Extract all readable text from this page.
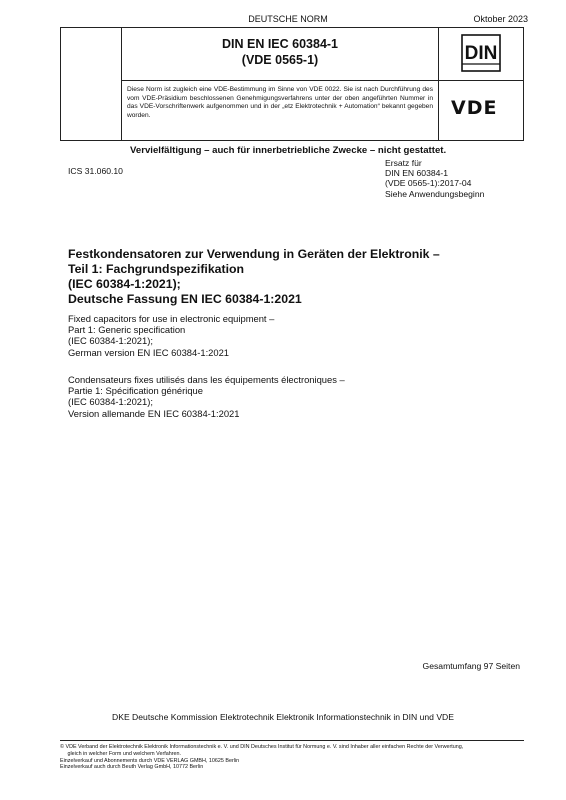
DEUTSCHE NORM	Oktober 2023
DIN EN IEC 60384-1
(VDE 0565-1)	DIN
VDE
Diese Norm ist zugleich eine VDE-Bestimmung im Sinne von VDE 0022. Sie ist nach Durchführung des vom VDE-Präsidium beschlossenen Genehmigungsverfahrens unter der oben angeführten Nummer in das VDE-Vorschriftenwerk aufgenommen und in der „etz Elektrotechnik + Automation“ bekannt gegeben worden.
Vervielfältigung – auch für innerbetriebliche Zwecke – nicht gestattet.
ICS 31.060.10
Ersatz für
DIN EN 60384-1
(VDE 0565-1):2017-04
Siehe Anwendungsbeginn
Festkondensatoren zur Verwendung in Geräten der Elektronik –
Teil 1: Fachgrundspezifikation
(IEC 60384-1:2021);
Deutsche Fassung EN IEC 60384-1:2021
Fixed capacitors for use in electronic equipment –
Part 1: Generic specification
(IEC 60384-1:2021);
German version EN IEC 60384-1:2021
Condensateurs fixes utilisés dans les équipements électroniques –
Partie 1: Spécification générique
(IEC 60384-1:2021);
Version allemande EN IEC 60384-1:2021
Gesamtumfang 97 Seiten
DKE Deutsche Kommission Elektrotechnik Elektronik Informationstechnik in DIN und VDE
© VDE Verband der Elektrotechnik Elektronik Informationstechnik e. V. und DIN Deutsches Institut für Normung e. V. sind Inhaber aller einfachen Rechte der Verwertung,
gleich in welcher Form und welchem Verfahren.
Einzelverkauf und Abonnements durch VDE VERLAG GMBH, 10625 Berlin
Einzelverkauf auch durch Beuth Verlag GmbH, 10772 Berlin
